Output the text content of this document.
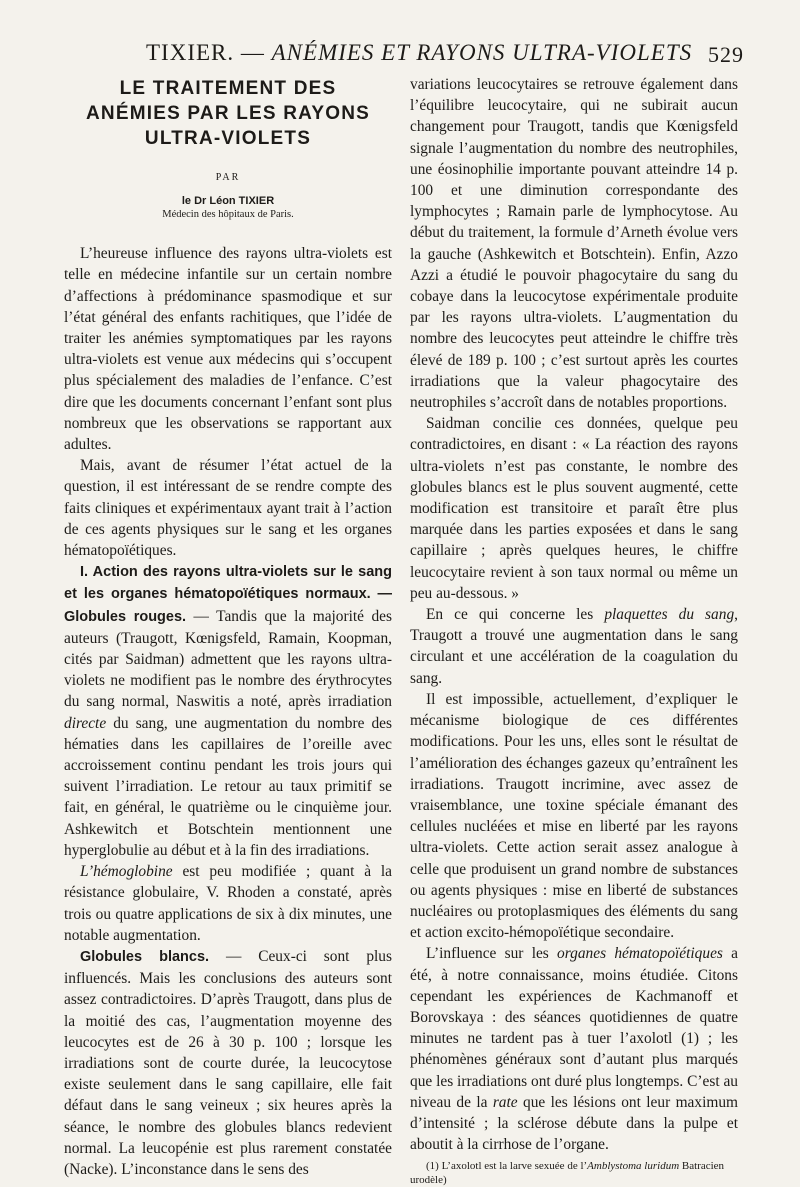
TIXIER. — ANÉMIES ET RAYONS ULTRA-VIOLETS 529
LE TRAITEMENT DES
ANÉMIES PAR LES RAYONS
ULTRA-VIOLETS
PAR
le Dr Léon TIXIER
Médecin des hôpitaux de Paris.

L’heureuse influence des rayons ultra-violets est telle en médecine infantile sur un certain nombre d’affections à prédominance spasmodique et sur l’état général des enfants rachitiques, que l’idée de traiter les anémies symptomatiques par les rayons ultra-violets est venue aux médecins qui s’occupent plus spécialement des maladies de l’enfance. C’est dire que les documents concernant l’enfant sont plus nombreux que les observations se rapportant aux adultes.

Mais, avant de résumer l’état actuel de la question, il est intéressant de se rendre compte des faits cliniques et expérimentaux ayant trait à l’action de ces agents physiques sur le sang et les organes hématopoïétiques.

I. Action des rayons ultra-violets sur le sang et les organes hématopoïétiques normaux. — Globules rouges. — Tandis que la majorité des auteurs (Traugott, Kœnigsfeld, Ramain, Koopman, cités par Saidman) admettent que les rayons ultra-violets ne modifient pas le nombre des érythrocytes du sang normal, Naswitis a noté, après irradiation directe du sang, une augmentation du nombre des hématies dans les capillaires de l’oreille avec accroissement continu pendant les trois jours qui suivent l’irradiation. Le retour au taux primitif se fait, en général, le quatrième ou le cinquième jour. Ashkewitch et Botschtein mentionnent une hyperglobulie au début et à la fin des irradiations.

L’hémoglobine est peu modifiée ; quant à la résistance globulaire, V. Rhoden a constaté, après trois ou quatre applications de six à dix minutes, une notable augmentation.

Globules blancs. — Ceux-ci sont plus influencés. Mais les conclusions des auteurs sont assez contradictoires. D’après Traugott, dans plus de la moitié des cas, l’augmentation moyenne des leucocytes est de 26 à 30 p. 100 ; lorsque les irradiations sont de courte durée, la leucocytose existe seulement dans le sang capillaire, elle fait défaut dans le sang veineux ; six heures après la séance, le nombre des globules blancs redevient normal. La leucopénie est plus rarement constatée (Nacke). L’inconstance dans le sens des

variations leucocytaires se retrouve également dans l’équilibre leucocytaire, qui ne subirait aucun changement pour Traugott, tandis que Kœnigsfeld signale l’augmentation du nombre des neutrophiles, une éosinophilie importante pouvant atteindre 14 p. 100 et une diminution correspondante des lymphocytes ; Ramain parle de lymphocytose. Au début du traitement, la formule d’Arneth évolue vers la gauche (Ashkewitch et Botschtein). Enfin, Azzo Azzi a étudié le pouvoir phagocytaire du sang du cobaye dans la leucocytose expérimentale produite par les rayons ultra-violets. L’augmentation du nombre des leucocytes peut atteindre le chiffre très élevé de 189 p. 100 ; c’est surtout après les courtes irradiations que la valeur phagocytaire des neutrophiles s’accroît dans de notables proportions.

Saidman concilie ces données, quelque peu contradictoires, en disant : « La réaction des rayons ultra-violets n’est pas constante, le nombre des globules blancs est le plus souvent augmenté, cette modification est transitoire et paraît être plus marquée dans les parties exposées et dans le sang capillaire ; après quelques heures, le chiffre leucocytaire revient à son taux normal ou même un peu au-dessous. »

En ce qui concerne les plaquettes du sang, Traugott a trouvé une augmentation dans le sang circulant et une accélération de la coagulation du sang.

Il est impossible, actuellement, d’expliquer le mécanisme biologique de ces différentes modifications. Pour les uns, elles sont le résultat de l’amélioration des échanges gazeux qu’entraînent les irradiations. Traugott incrimine, avec assez de vraisemblance, une toxine spéciale émanant des cellules nucléées et mise en liberté par les rayons ultra-violets. Cette action serait assez analogue à celle que produisent un grand nombre de substances ou agents physiques : mise en liberté de substances nucléaires ou protoplasmiques des éléments du sang et action excito-hémopoïétique secondaire.

L’influence sur les organes hématopoïétiques a été, à notre connaissance, moins étudiée. Citons cependant les expériences de Kachmanoff et Borovskaya : des séances quotidiennes de quatre minutes ne tardent pas à tuer l’axolotl (1) ; les phénomènes généraux sont d’autant plus marqués que les irradiations ont duré plus longtemps. C’est au niveau de la rate que les lésions ont leur maximum d’intensité ; la sclérose débute dans la pulpe et aboutit à la cirrhose de l’organe.

(1) L’axolotl est la larve sexuée de l’Amblystoma luridum Batracien urodèle)
